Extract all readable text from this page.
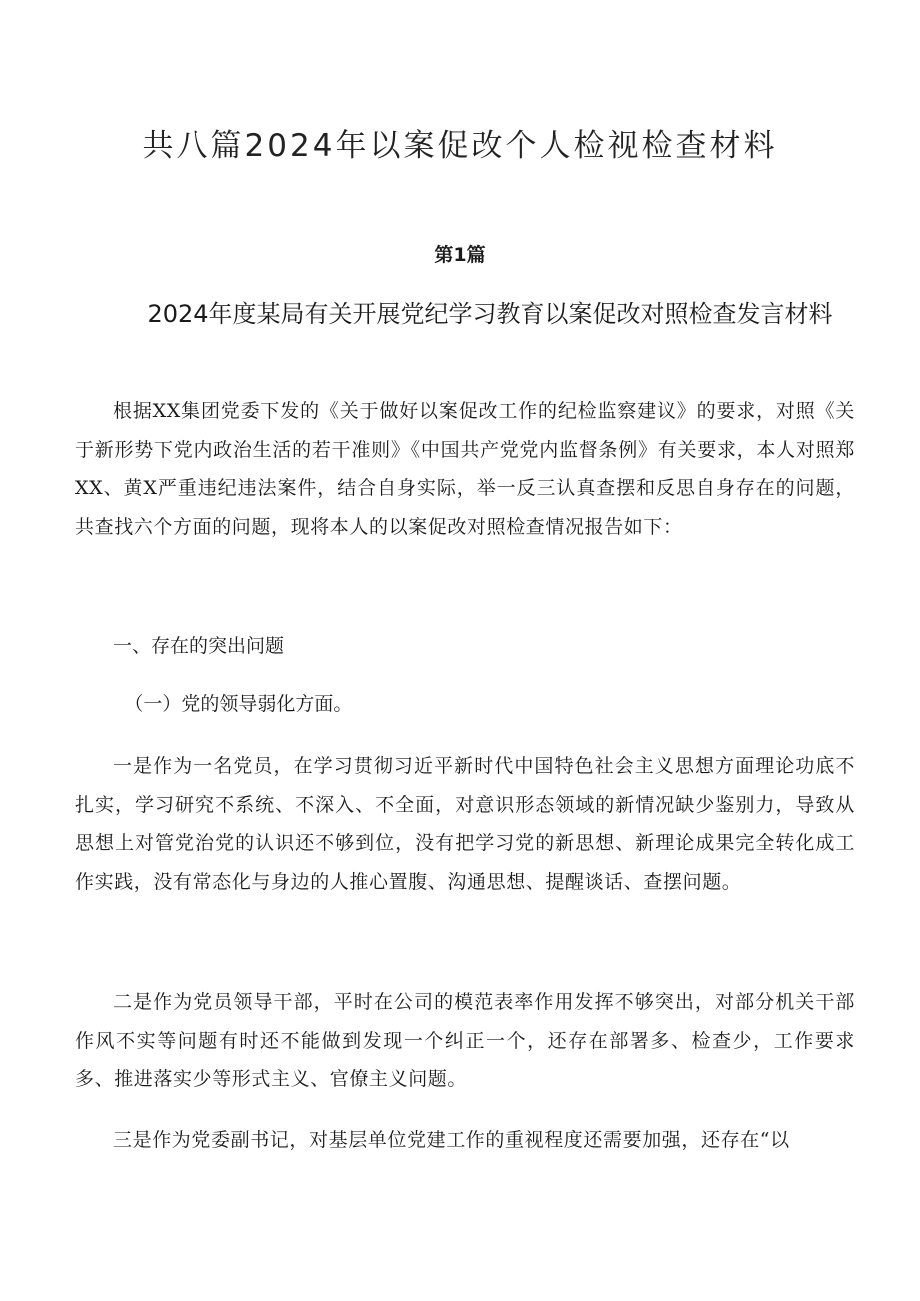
共八篇2024年以案促改个人检视检查材料
第1篇
2024年度某局有关开展党纪学习教育以案促改对照检查发言材料

根据XX集团党委下发的《关于做好以案促改工作的纪检监察建议》的要求，对照《关于新形势下党内政治生活的若干准则》《中国共产党党内监督条例》有关要求，本人对照郑XX、黄X严重违纪违法案件，结合自身实际，举一反三认真查摆和反思自身存在的问题，共查找六个方面的问题，现将本人的以案促改对照检查情况报告如下：

一、存在的突出问题

（一）党的领导弱化方面。

一是作为一名党员，在学习贯彻习近平新时代中国特色社会主义思想方面理论功底不扎实，学习研究不系统、不深入、不全面，对意识形态领域的新情况缺少鉴别力，导致从思想上对管党治党的认识还不够到位，没有把学习党的新思想、新理论成果完全转化成工作实践，没有常态化与身边的人推心置腹、沟通思想、提醒谈话、查摆问题。

二是作为党员领导干部，平时在公司的模范表率作用发挥不够突出，对部分机关干部作风不实等问题有时还不能做到发现一个纠正一个，还存在部署多、检查少，工作要求多、推进落实少等形式主义、官僚主义问题。

三是作为党委副书记，对基层单位党建工作的重视程度还需要加强，还存在“以
